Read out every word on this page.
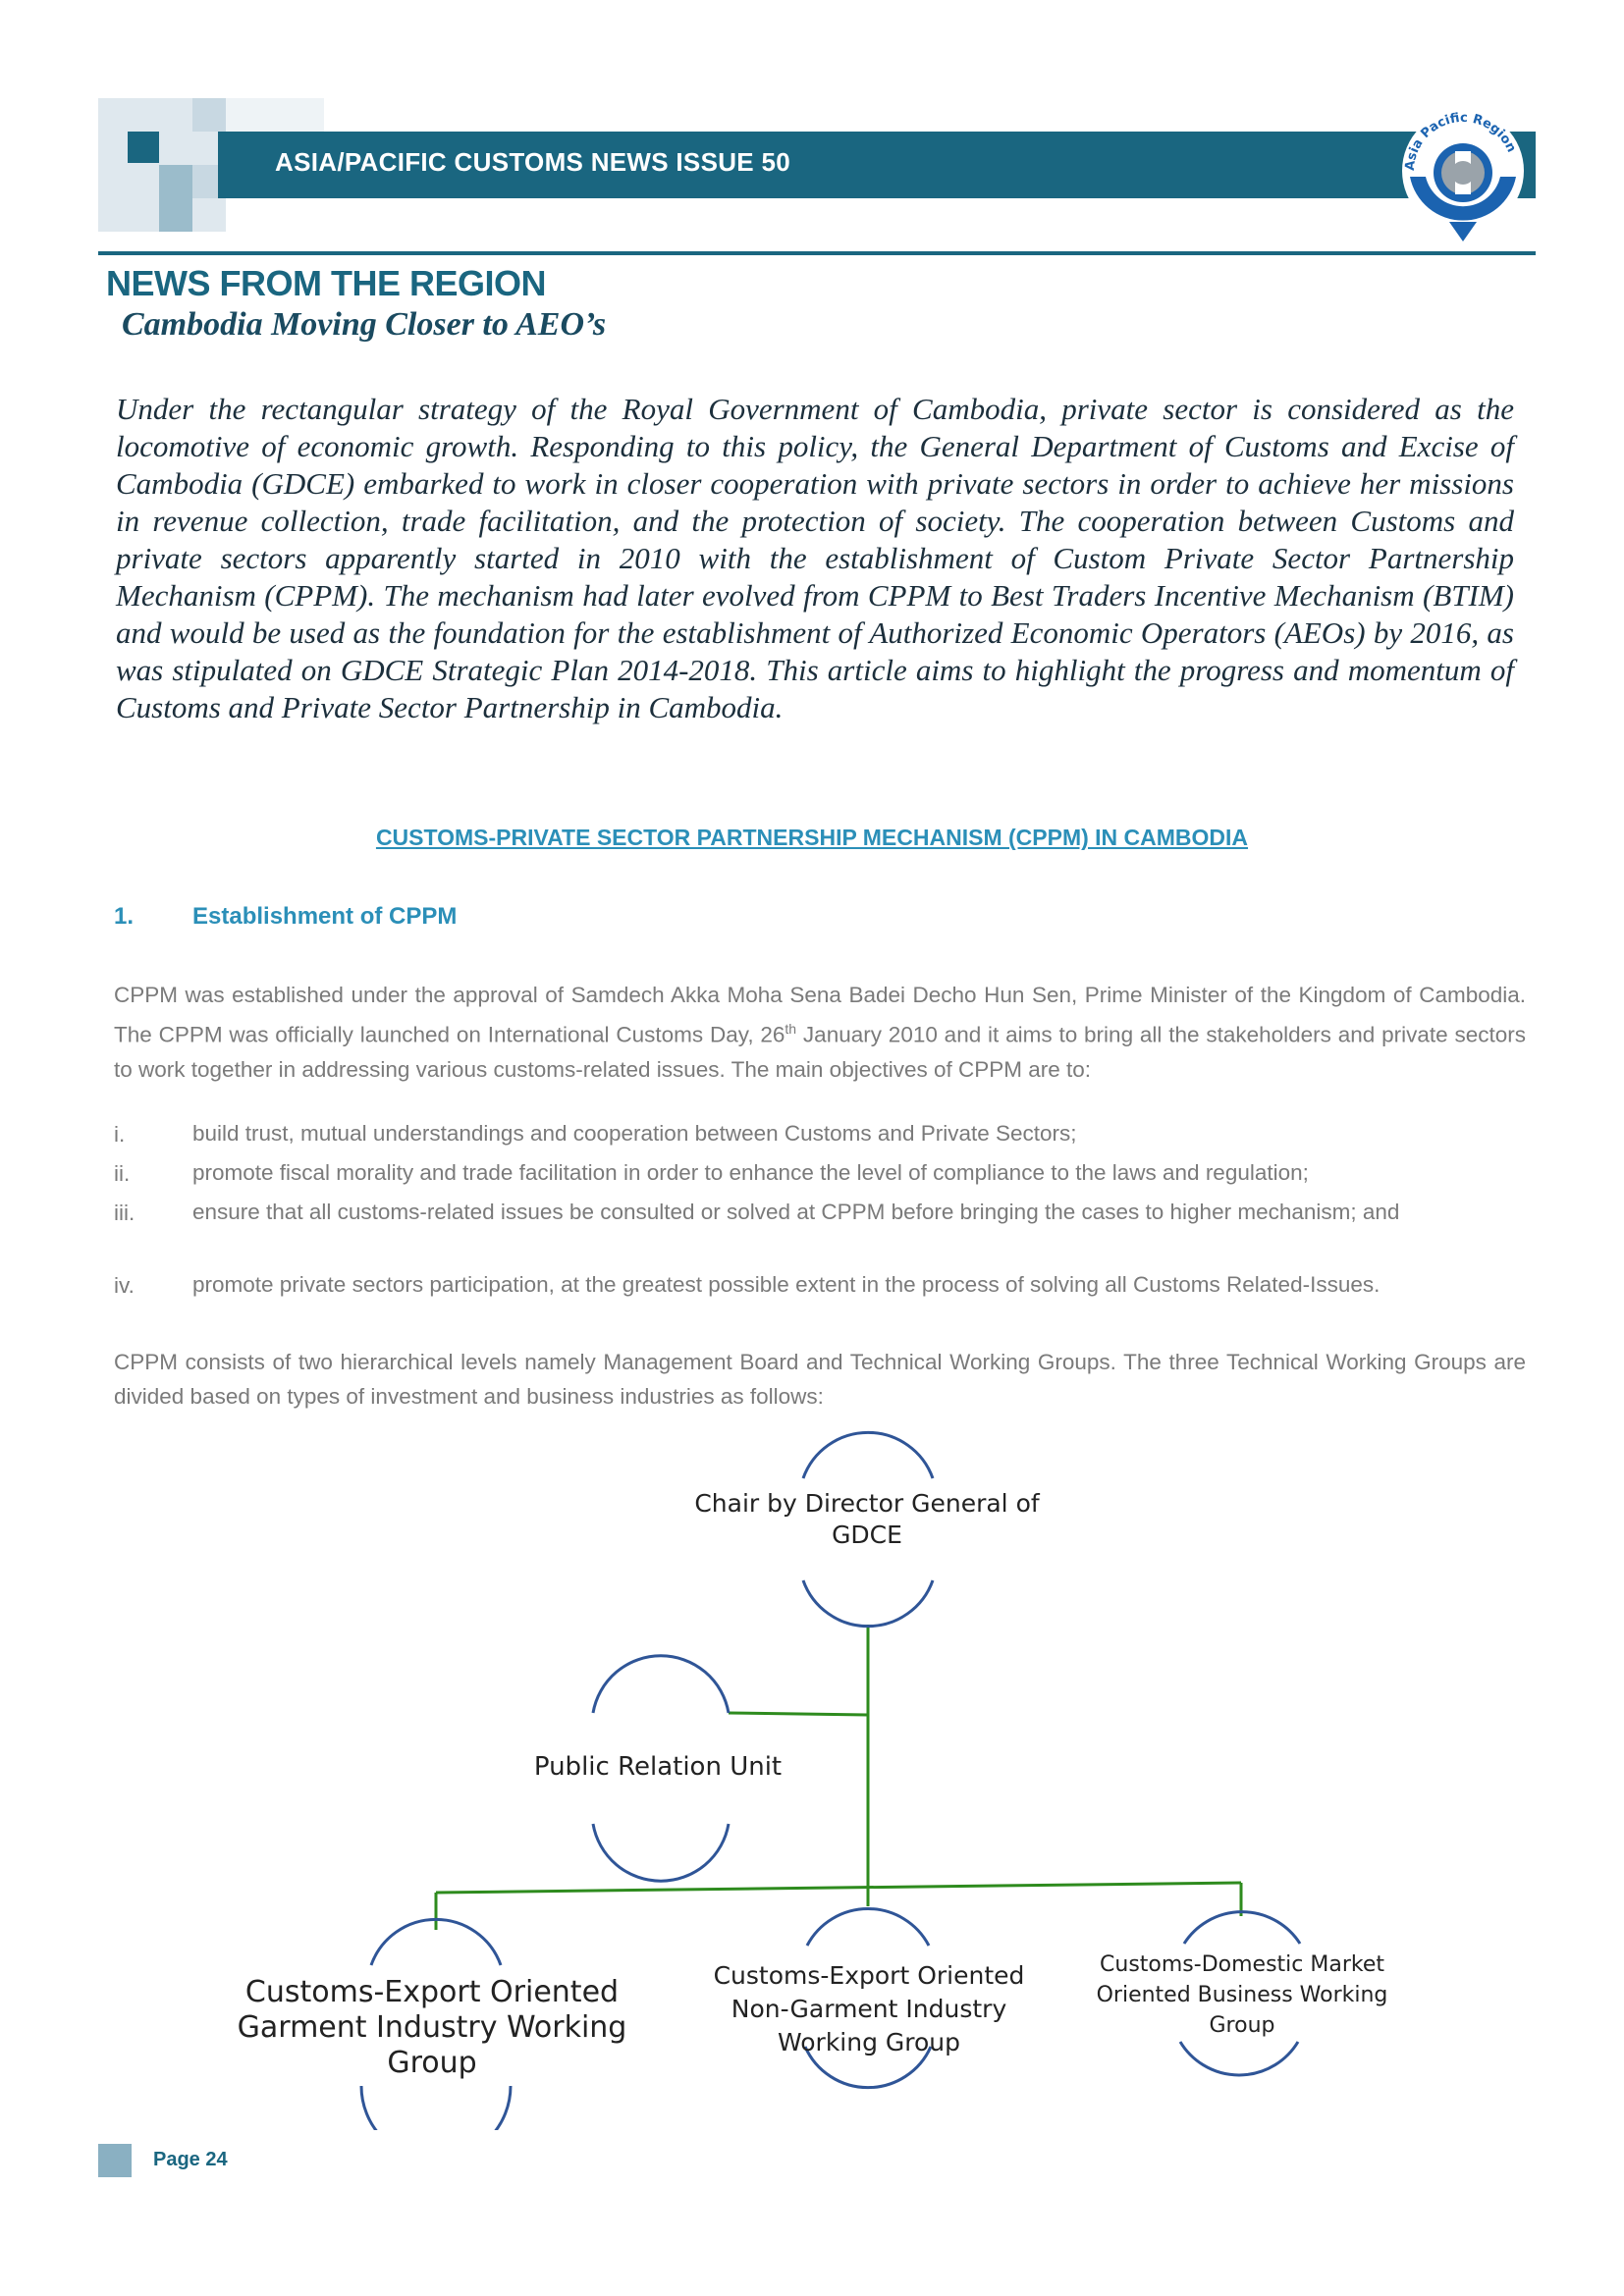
ASIA/PACIFIC CUSTOMS NEWS ISSUE 50	Asia Pacific Region
NEWS FROM THE REGION
Cambodia Moving Closer to AEO’s

Under the rectangular strategy of the Royal Government of Cambodia, private sector is considered as the locomotive of economic growth. Responding to this policy, the General Department of Customs and Excise of Cambodia (GDCE) embarked to work in closer cooperation with private sectors in order to achieve her missions in revenue collection, trade facilitation, and the protection of society. The cooperation between Customs and private sectors apparently started in 2010 with the establishment of Custom Private Sector Partnership Mechanism (CPPM). The mechanism had later evolved from CPPM to Best Traders Incentive Mechanism (BTIM) and would be used as the foundation for the establishment of Authorized Economic Operators (AEOs) by 2016, as was stipulated on GDCE Strategic Plan 2014-2018. This article aims to highlight the progress and momentum of Customs and Private Sector Partnership in Cambodia.

CUSTOMS-PRIVATE SECTOR PARTNERSHIP MECHANISM (CPPM) IN CAMBODIA
1. Establishment of CPPM

CPPM was established under the approval of Samdech Akka Moha Sena Badei Decho Hun Sen, Prime Minister of the Kingdom of Cambodia. The CPPM was officially launched on International Customs Day, 26th January 2010 and it aims to bring all the stakeholders and private sectors to work together in addressing various customs-related issues. The main objectives of CPPM are to:

i.	build trust, mutual understandings and cooperation between Customs and Private Sectors;

ii.	promote fiscal morality and trade facilitation in order to enhance the level of compliance to the laws and regulation;

iii.	ensure that all customs-related issues be consulted or solved at CPPM before bringing the cases to higher mechanism; and

iv.	promote private sectors participation, at the greatest possible extent in the process of solving all Customs Related-Issues.

CPPM consists of two hierarchical levels namely Management Board and Technical Working Groups. The three Technical Working Groups are divided based on types of investment and business industries as follows:

Chair by Director General of
GDCE
Public Relation Unit
Customs-Export Oriented
Garment Industry Working
Group
Customs-Export Oriented
Non-Garment Industry
Working Group
Customs-Domestic Market
Oriented Business Working
Group
Page 24
